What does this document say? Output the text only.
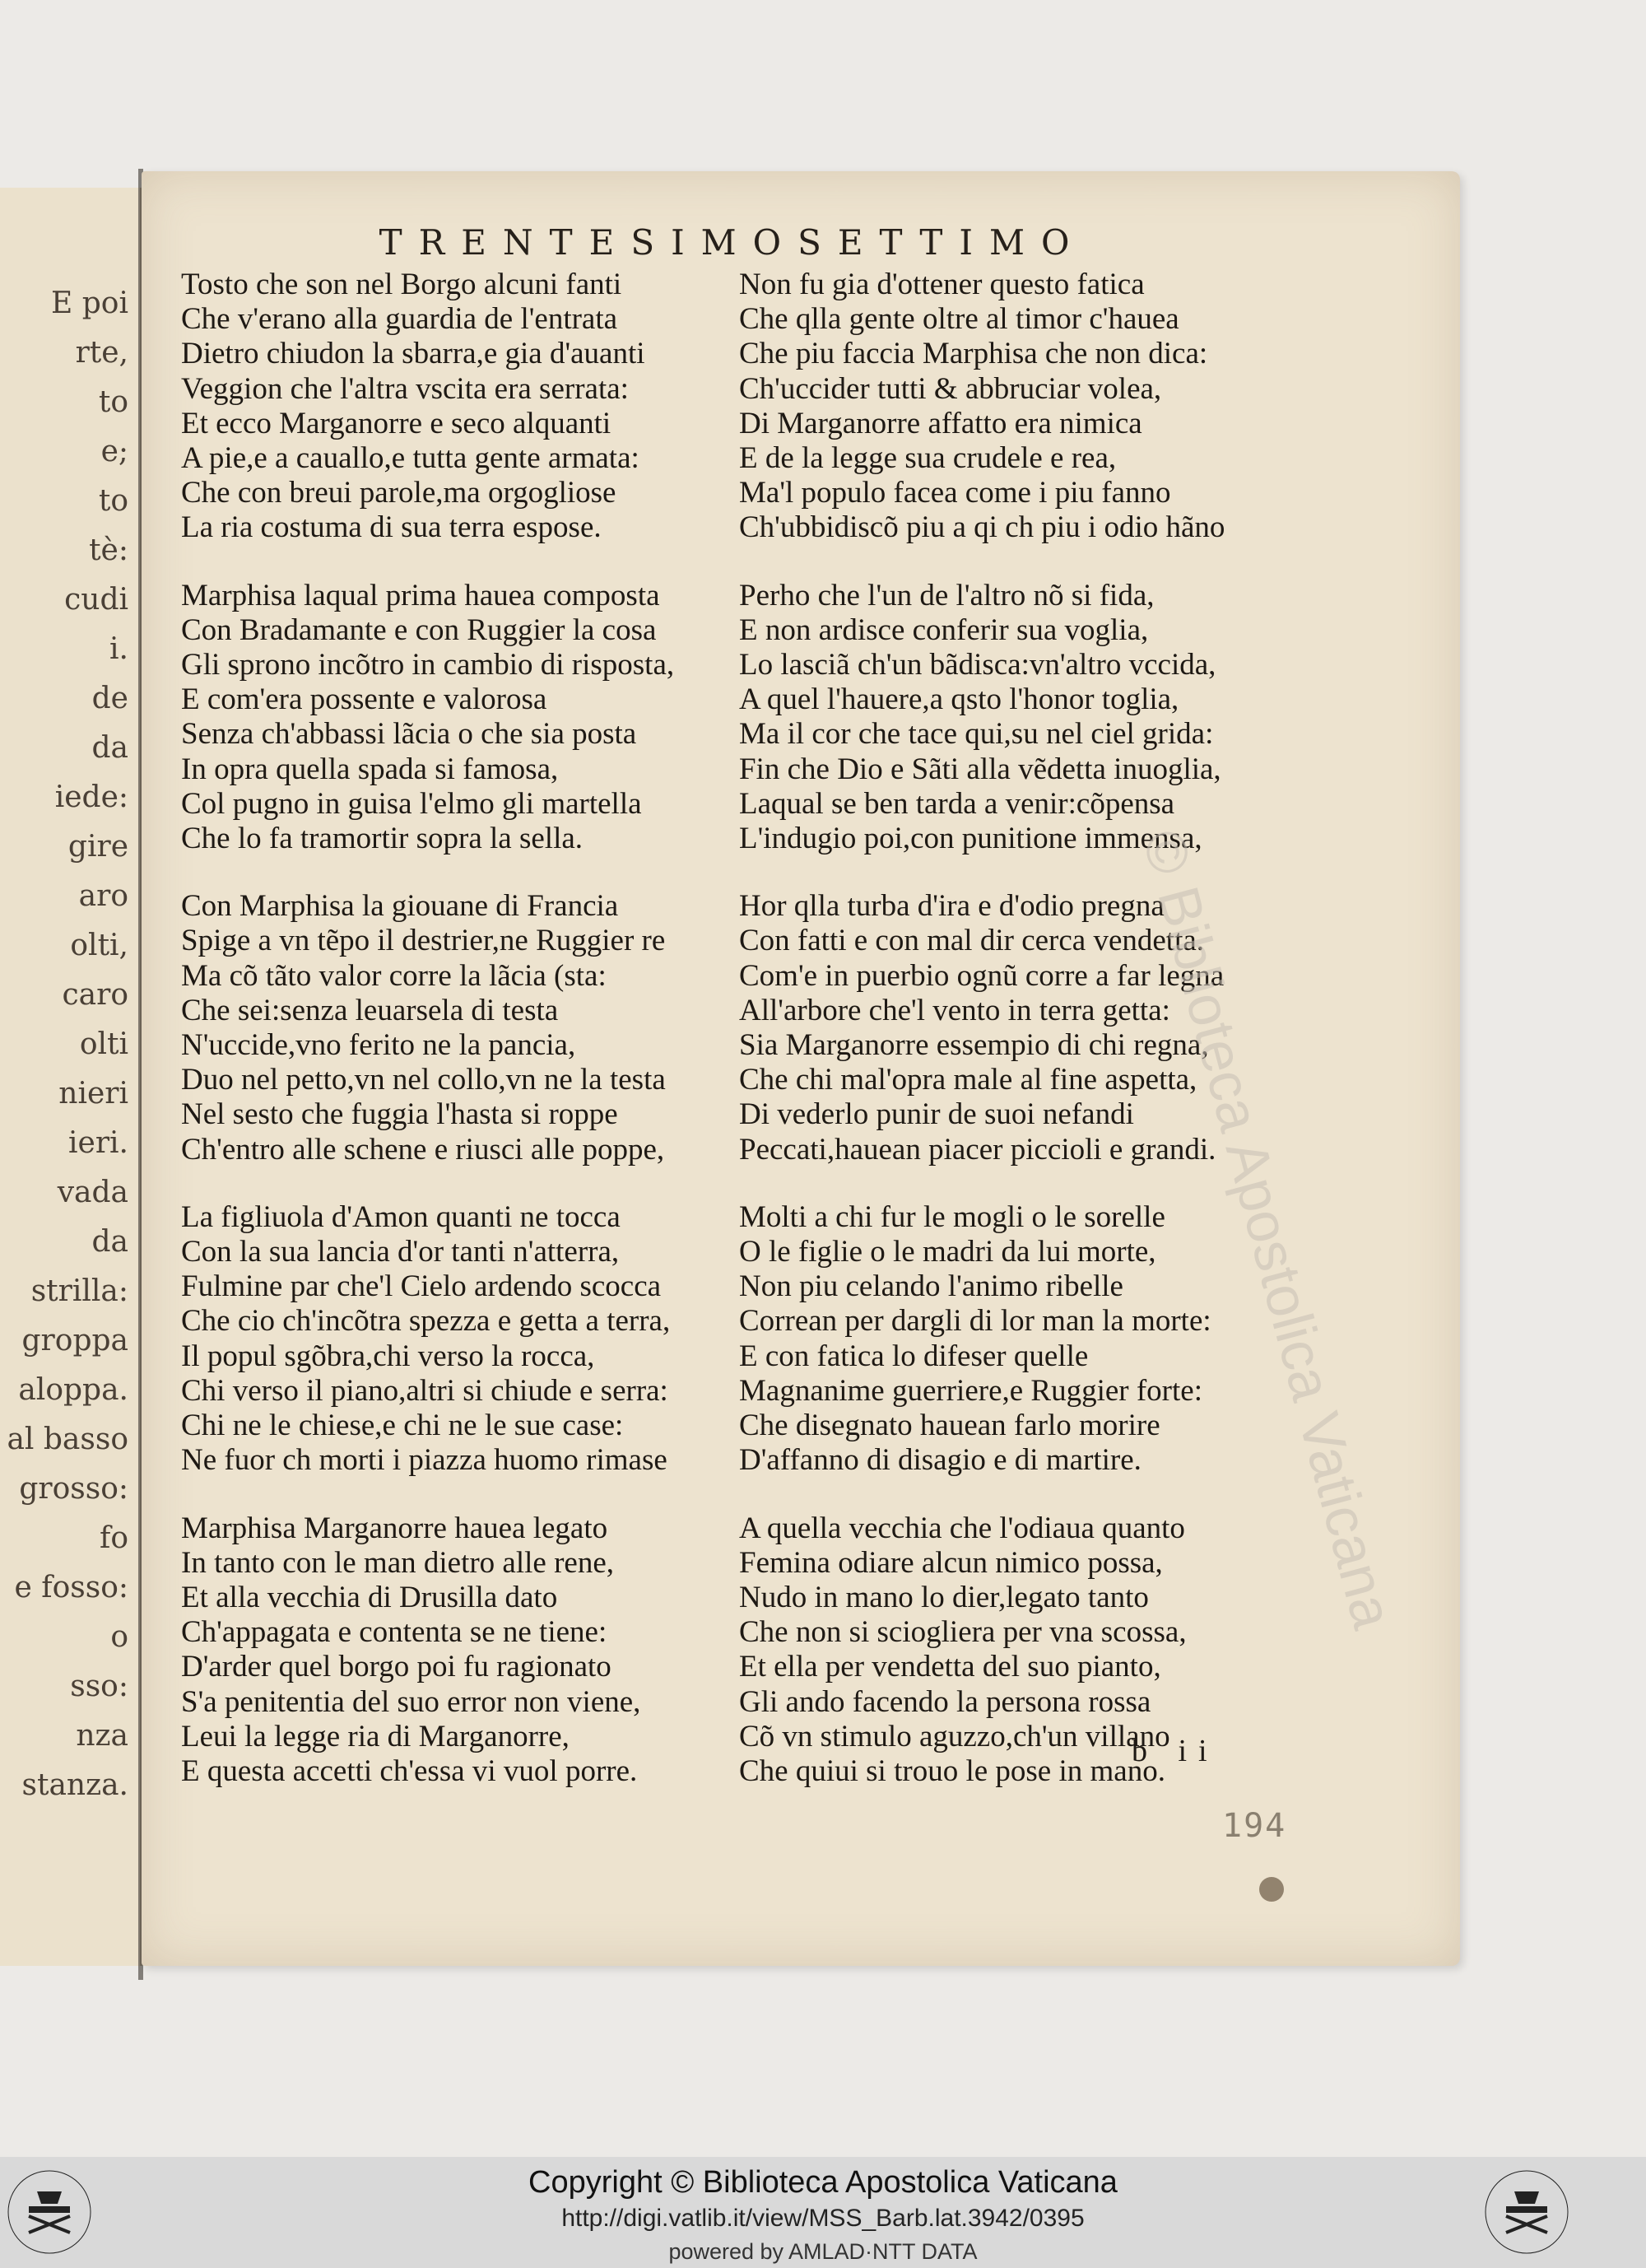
E poi
rte,
to
e;
to
tè:
cudi
i.
de
da
iede:
gire
aro
olti,
caro
olti
nieri
ieri.
vada
da
strilla:
groppa
aloppa.
al basso
grosso:
fo
e fosso:
o
sso:
nza
stanza.
TRENTESIMOSETTIMO
Tosto che son nel Borgo alcuni fanti
Che v'erano alla guardia de l'entrata
Dietro chiudon la sbarra,e gia d'auanti
Veggion che l'altra vscita era serrata:
Et ecco Marganorre e seco alquanti
A pie,e a cauallo,e tutta gente armata:
Che con breui parole,ma orgogliose
La ria costuma di sua terra espose.
Marphisa laqual prima hauea composta
Con Bradamante e con Ruggier la cosa
Gli sprono incõtro in cambio di risposta,
E com'era possente e valorosa
Senza ch'abbassi lãcia o che sia posta
In opra quella spada si famosa,
Col pugno in guisa l'elmo gli martella
Che lo fa tramortir sopra la sella.
Con Marphisa la giouane di Francia
Spige a vn tẽpo il destrier,ne Ruggier re
Ma cõ tãto valor corre la lãcia (sta:
Che sei:senza leuarsela di testa
N'uccide,vno ferito ne la pancia,
Duo nel petto,vn nel collo,vn ne la testa
Nel sesto che fuggia l'hasta si roppe
Ch'entro alle schene e riusci alle poppe,
La figliuola d'Amon quanti ne tocca
Con la sua lancia d'or tanti n'atterra,
Fulmine par che'l Cielo ardendo scocca
Che cio ch'incõtra spezza e getta a terra,
Il popul sgõbra,chi verso la rocca,
Chi verso il piano,altri si chiude e serra:
Chi ne le chiese,e chi ne le sue case:
Ne fuor ch morti i piazza huomo rimase
Marphisa Marganorre hauea legato
In tanto con le man dietro alle rene,
Et alla vecchia di Drusilla dato
Ch'appagata e contenta se ne tiene:
D'arder quel borgo poi fu ragionato
S'a penitentia del suo error non viene,
Leui la legge ria di Marganorre,
E questa accetti ch'essa vi vuol porre.
Non fu gia d'ottener questo fatica
Che qlla gente oltre al timor c'hauea
Che piu faccia Marphisa che non dica:
Ch'uccider tutti & abbruciar volea,
Di Marganorre affatto era nimica
E de la legge sua crudele e rea,
Ma'l populo facea come i piu fanno
Ch'ubbidiscõ piu a qi ch piu i odio hãno
Perho che l'un de l'altro nõ si fida,
E non ardisce conferir sua voglia,
Lo lasciã ch'un bãdisca:vn'altro vccida,
A quel l'hauere,a qsto l'honor toglia,
Ma il cor che tace qui,su nel ciel grida:
Fin che Dio e Sãti alla vẽdetta inuoglia,
Laqual se ben tarda a venir:cõpensa
L'indugio poi,con punitione immensa,
Hor qlla turba d'ira e d'odio pregna
Con fatti e con mal dir cerca vendetta.
Com'e in puerbio ognũ corre a far legna
All'arbore che'l vento in terra getta:
Sia Marganorre essempio di chi regna,
Che chi mal'opra male al fine aspetta,
Di vederlo punir de suoi nefandi
Peccati,hauean piacer piccioli e grandi.
Molti a chi fur le mogli o le sorelle
O le figlie o le madri da lui morte,
Non piu celando l'animo ribelle
Correan per dargli di lor man la morte:
E con fatica lo difeser quelle
Magnanime guerriere,e Ruggier forte:
Che disegnato hauean farlo morire
D'affanno di disagio e di martire.
A quella vecchia che l'odiaua quanto
Femina odiare alcun nimico possa,
Nudo in mano lo dier,legato tanto
Che non si sciogliera per vna scossa,
Et ella per vendetta del suo pianto,
Gli ando facendo la persona rossa
Cõ vn stimulo aguzzo,ch'un villano
Che quiui si trouo le pose in mano.
© Biblioteca Apostolica Vaticana
b ii
194
Copyright © Biblioteca Apostolica Vaticana
http://digi.vatlib.it/view/MSS_Barb.lat.3942/0395
powered by AMLAD·NTT DATA
